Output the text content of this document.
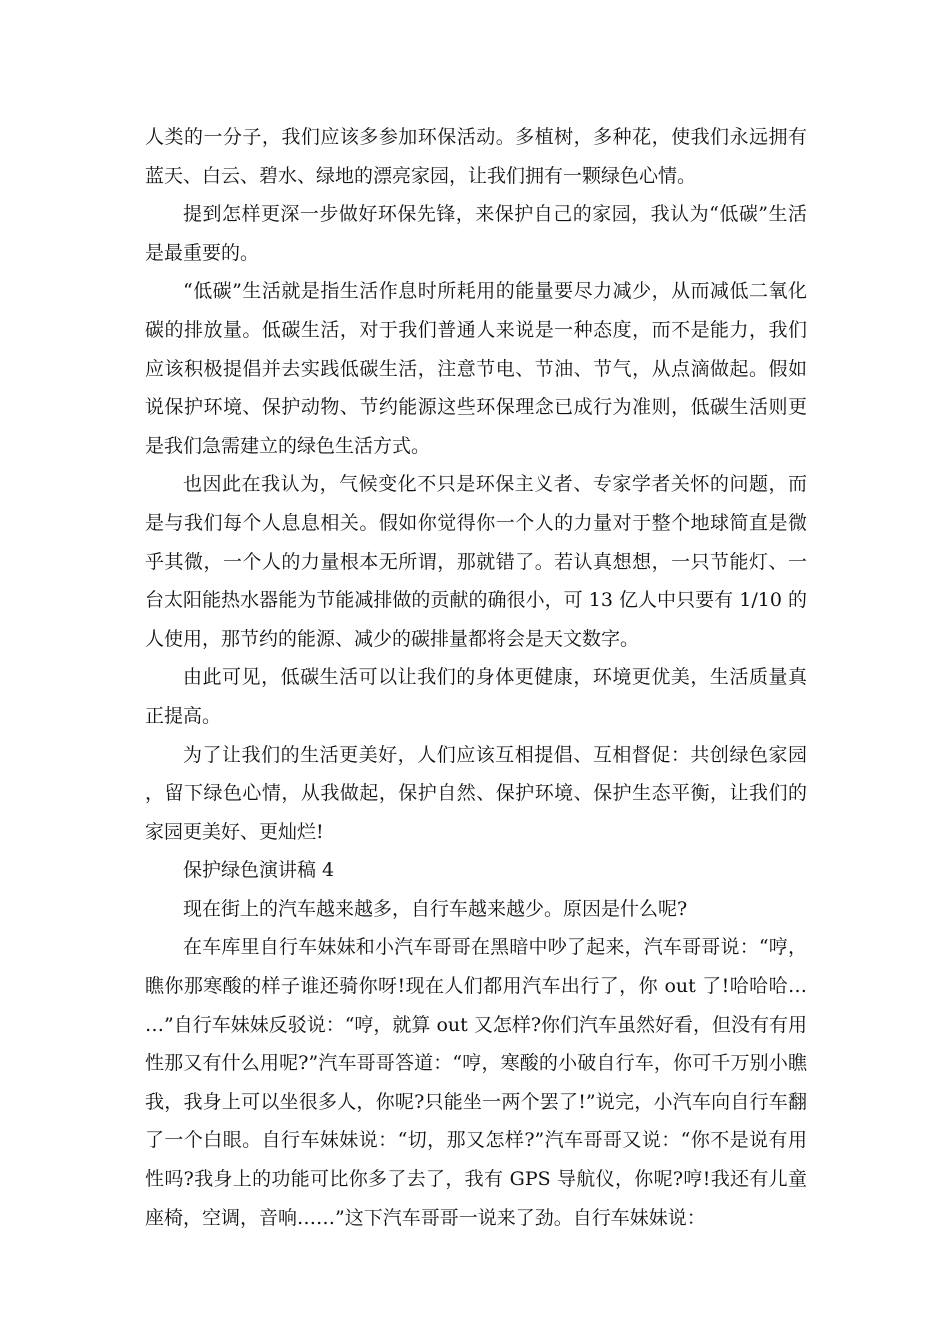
人类的一分子，我们应该多参加环保活动。多植树，多种花，使我们永远拥有蓝天、白云、碧水、绿地的漂亮家园，让我们拥有一颗绿色心情。

提到怎样更深一步做好环保先锋，来保护自己的家园，我认为“低碳”生活是最重要的。

“低碳”生活就是指生活作息时所耗用的能量要尽力减少，从而减低二氧化碳的排放量。低碳生活，对于我们普通人来说是一种态度，而不是能力，我们应该积极提倡并去实践低碳生活，注意节电、节油、节气，从点滴做起。假如说保护环境、保护动物、节约能源这些环保理念已成行为准则，低碳生活则更是我们急需建立的绿色生活方式。

也因此在我认为，气候变化不只是环保主义者、专家学者关怀的问题，而是与我们每个人息息相关。假如你觉得你一个人的力量对于整个地球简直是微乎其微，一个人的力量根本无所谓，那就错了。若认真想想，一只节能灯、一台太阳能热水器能为节能减排做的贡献的确很小，可 13 亿人中只要有 1/10 的人使用，那节约的能源、减少的碳排量都将会是天文数字。

由此可见，低碳生活可以让我们的身体更健康，环境更优美，生活质量真正提高。

为了让我们的生活更美好，人们应该互相提倡、互相督促：共创绿色家园，留下绿色心情，从我做起，保护自然、保护环境、保护生态平衡，让我们的家园更美好、更灿烂!

保护绿色演讲稿 4

现在街上的汽车越来越多，自行车越来越少。原因是什么呢?

在车库里自行车妹妹和小汽车哥哥在黑暗中吵了起来，汽车哥哥说：“哼，瞧你那寒酸的样子谁还骑你呀!现在人们都用汽车出行了，你 out 了!哈哈哈……”自行车妹妹反驳说：“哼，就算 out 又怎样?你们汽车虽然好看，但没有有用性那又有什么用呢?”汽车哥哥答道：“哼，寒酸的小破自行车，你可千万别小瞧我，我身上可以坐很多人，你呢?只能坐一两个罢了!”说完，小汽车向自行车翻了一个白眼。自行车妹妹说：“切，那又怎样?”汽车哥哥又说：“你不是说有用性吗?我身上的功能可比你多了去了，我有 GPS 导航仪，你呢?哼!我还有儿童座椅，空调，音响……”这下汽车哥哥一说来了劲。自行车妹妹说：
